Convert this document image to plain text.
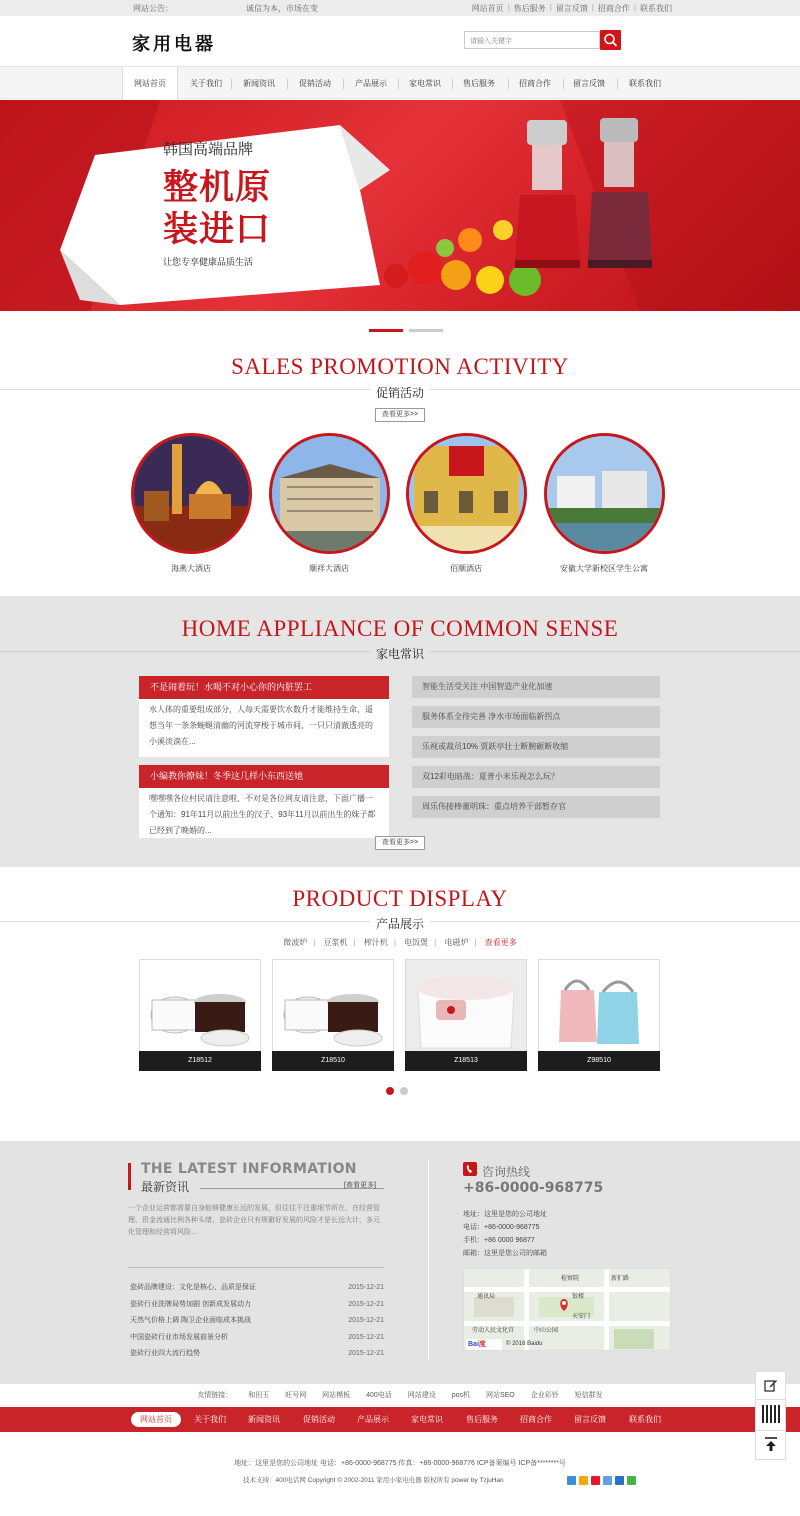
网站公告：	诚信为本，市场在变	网站首页 | 售后服务 | 留言反馈 | 招商合作 | 联系我们
家用电器	请输入关键字
网站首页	关于我们	新闻资讯	促销活动	产品展示	家电常识	售后服务	招商合作	留言反馈	联系我们
韩国高端品牌
整机原
装进口
让您专享健康品质生活
SALES PROMOTION ACTIVITY
促销活动
查看更多>>
海燕大酒店	顺祥大酒店	佰顺酒店	安徽大学新校区学生公寓
HOME APPLIANCE OF COMMON SENSE
家电常识
不是闹着玩！水喝不对小心你的内脏罢工
水人体的重要组成部分，人每天需要饮水数升才能维持生命，遥想当年一条条蜿蜒清幽的河流穿梭于城市间，一只只清澈透亮的小溪淡淌在...
小编教你撩妹！冬季这几样小东西送她
嘿嘿嘿各位村民请注意啦，不对是各位网友请注意，下面广播一个通知：91年11月以前出生的汉子、93年11月以前出生的妹子都已经到了晚婚的...
智能生活受关注 中国智造产业化加速
服务体系全待完善 净水市场面临新拐点
乐视或裁员10% 贾跃亭壮士断腕砸断收缩
双12彩电暗战：夏普小米乐视怎么玩？
周乐伟接棒董明珠：重点培养干部暂存官
查看更多>>
PRODUCT DISPLAY
产品展示
微波炉 | 豆浆机 | 榨汁机 | 电饭煲 | 电磁炉 | 查看更多
Z18512	Z18510	Z18513	Z98510
THE LATEST INFORMATION
最新资讯	[查看更多]
一个企业运营都需要自身能够健康长远的发展，但往往不注重细节所在，在经营管理、资金流通比例各种头绪，瓷砖企业只有规避好发展的风险才是长远大计，多元化管理和经营将风险...
瓷砖品牌建设：文化是核心，品质是保证	2015-12-21
瓷砖行业洗牌局势加剧 创新成发展动力	2015-12-21
天然气价格上调 陶卫企业面临成本挑战	2015-12-21
中国瓷砖行业市场发展前景分析	2015-12-21
瓷砖行业四大流行趋势	2015-12-21
咨询热线
+86-0000-968775
地址：这里是您的公司地址
电话：+86-0000-968775
手机：+86 0000 96877
邮箱：这里是您公司的邮箱
检察院	新扩路
通讯局	银楼
天安门
劳动人民文化宫	中山公园
Bai度	© 2016 Baidu
友情链接： 和田玉 旺号网 网站模板 400电话 网站建设 pos机 网站SEO 企业彩铃 短信群发
网站首页	关于我们	新闻资讯	促销活动	产品展示	家电常识	售后服务	招商合作	留言反馈	联系我们
地址：这里是您的公司地址 电话：+86-0000-968775 传真：+86-0000-968776 ICP备案编号 ICP备********号
技术支持：400电话网 Copyright © 2002-2011 家用小家电电器 版权所有 power by TzjuHan
